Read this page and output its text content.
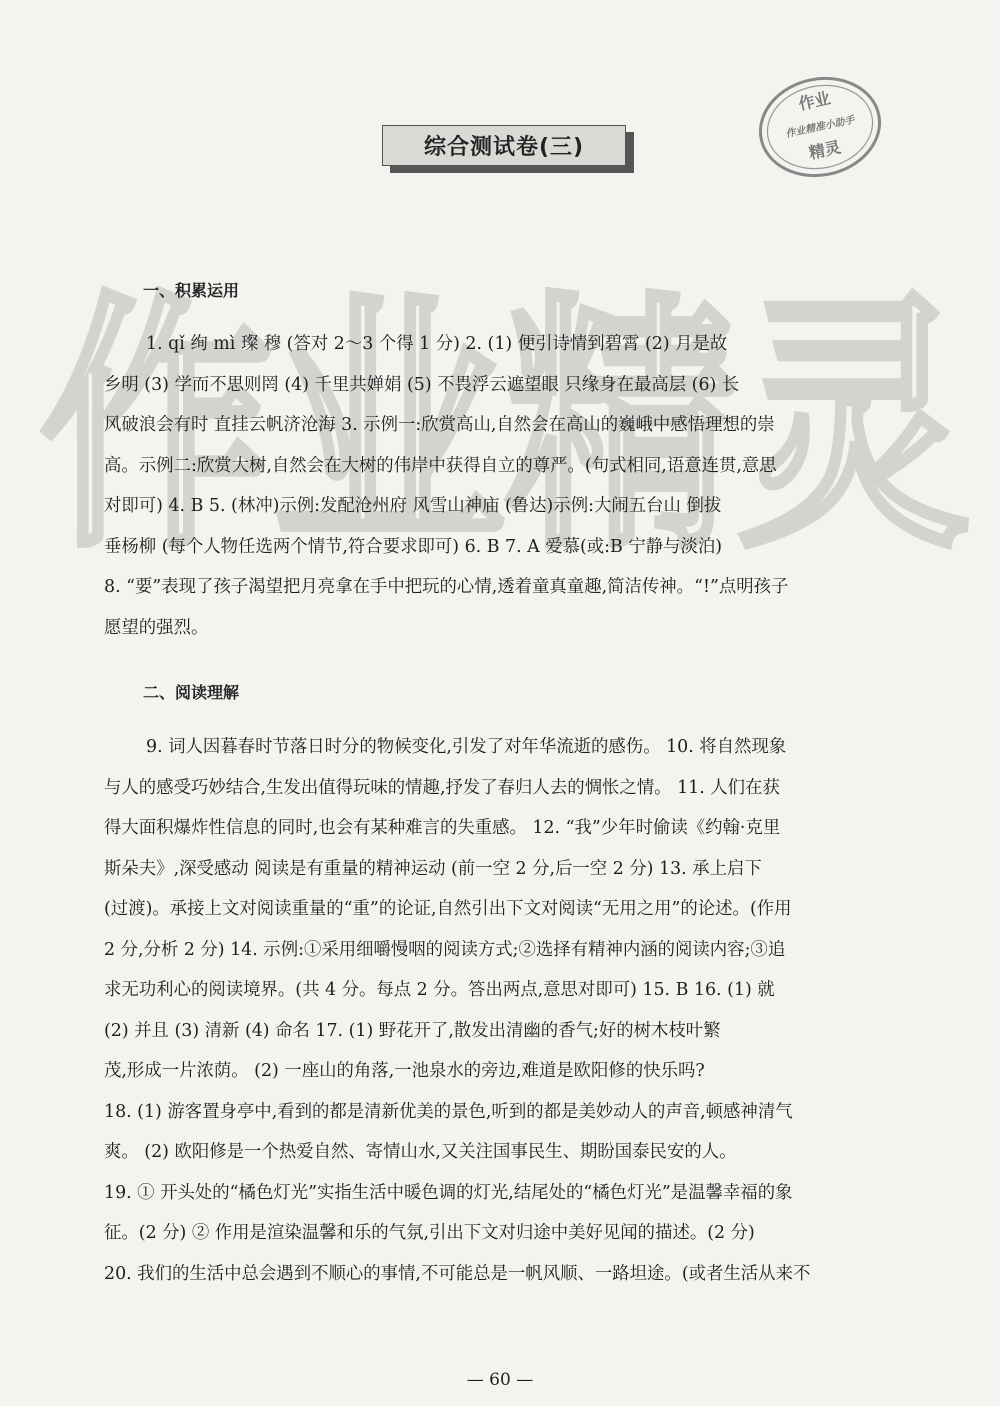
作业精灵
综合测试卷(三)
作业
作业精准小助手
精灵
一、积累运用
1. qǐ 绚 mì 璨 穆 (答对 2～3 个得 1 分) 2. (1) 便引诗情到碧霄 (2) 月是故
乡明 (3) 学而不思则罔 (4) 千里共婵娟 (5) 不畏浮云遮望眼 只缘身在最高层 (6) 长
风破浪会有时 直挂云帆济沧海 3. 示例一:欣赏高山,自然会在高山的巍峨中感悟理想的崇
高。示例二:欣赏大树,自然会在大树的伟岸中获得自立的尊严。(句式相同,语意连贯,意思
对即可) 4. B 5. (林冲)示例:发配沧州府 风雪山神庙 (鲁达)示例:大闹五台山 倒拔
垂杨柳 (每个人物任选两个情节,符合要求即可) 6. B 7. A 爱慕(或:B 宁静与淡泊)
8. “要”表现了孩子渴望把月亮拿在手中把玩的心情,透着童真童趣,简洁传神。“!”点明孩子
愿望的强烈。
二、阅读理解
9. 词人因暮春时节落日时分的物候变化,引发了对年华流逝的感伤。 10. 将自然现象
与人的感受巧妙结合,生发出值得玩味的情趣,抒发了春归人去的惆怅之情。 11. 人们在获
得大面积爆炸性信息的同时,也会有某种难言的失重感。 12. “我”少年时偷读《约翰·克里
斯朵夫》,深受感动 阅读是有重量的精神运动 (前一空 2 分,后一空 2 分) 13. 承上启下
(过渡)。承接上文对阅读重量的“重”的论证,自然引出下文对阅读“无用之用”的论述。(作用
2 分,分析 2 分) 14. 示例:①采用细嚼慢咽的阅读方式;②选择有精神内涵的阅读内容;③追
求无功利心的阅读境界。(共 4 分。每点 2 分。答出两点,意思对即可) 15. B 16. (1) 就
(2) 并且 (3) 清新 (4) 命名 17. (1) 野花开了,散发出清幽的香气;好的树木枝叶繁
茂,形成一片浓荫。 (2) 一座山的角落,一池泉水的旁边,难道是欧阳修的快乐吗?
18. (1) 游客置身亭中,看到的都是清新优美的景色,听到的都是美妙动人的声音,顿感神清气
爽。 (2) 欧阳修是一个热爱自然、寄情山水,又关注国事民生、期盼国泰民安的人。
19. ① 开头处的“橘色灯光”实指生活中暖色调的灯光,结尾处的“橘色灯光”是温馨幸福的象
征。(2 分) ② 作用是渲染温馨和乐的气氛,引出下文对归途中美好见闻的描述。(2 分)
20. 我们的生活中总会遇到不顺心的事情,不可能总是一帆风顺、一路坦途。(或者生活从来不
— 60 —
